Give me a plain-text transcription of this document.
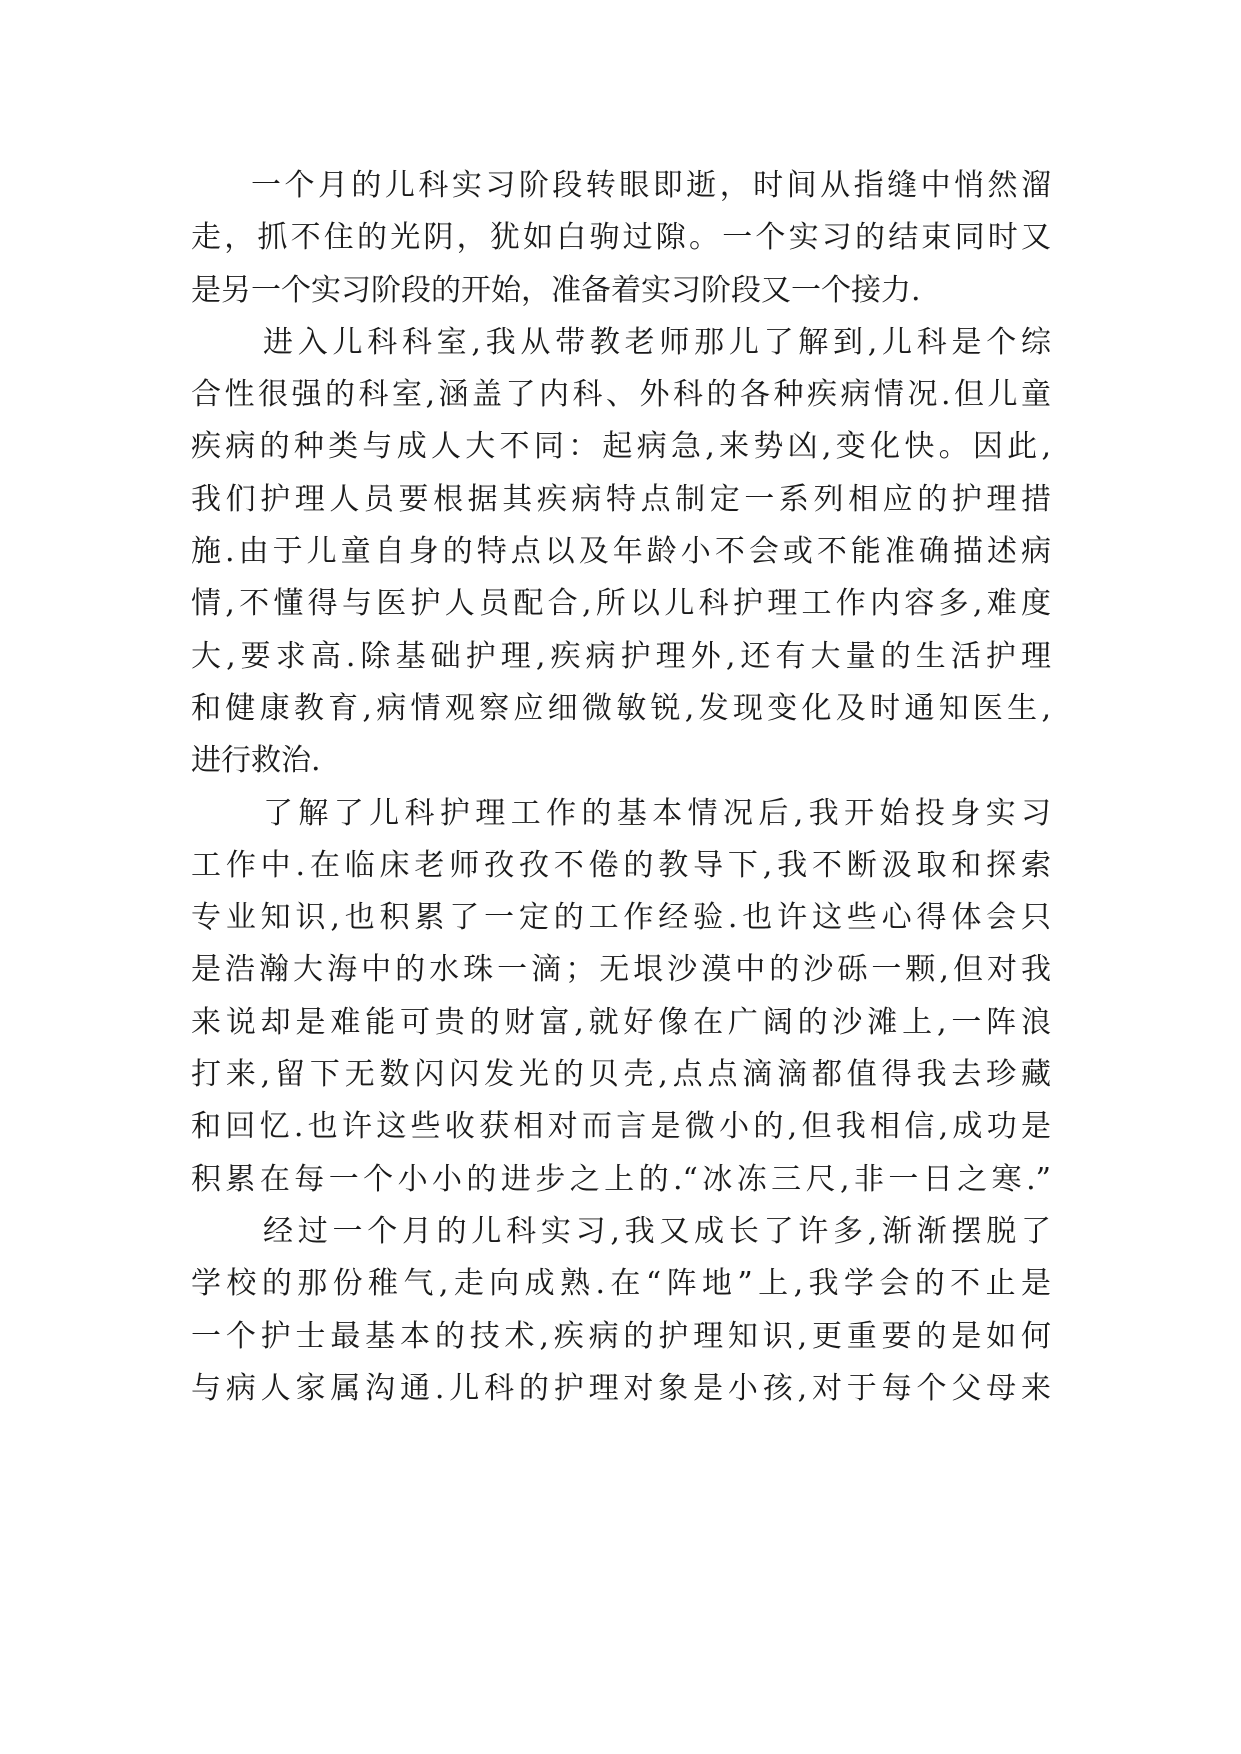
一个月的儿科实习阶段转眼即逝，时间从指缝中悄然溜
走，抓不住的光阴，犹如白驹过隙。一个实习的结束同时又
是另一个实习阶段的开始，准备着实习阶段又一个接力.
进入儿科科室,我从带教老师那儿了解到,儿科是个综
合性很强的科室,涵盖了内科、外科的各种疾病情况.但儿童
疾病的种类与成人大不同：起病急,来势凶,变化快。因此,
我们护理人员要根据其疾病特点制定一系列相应的护理措
施.由于儿童自身的特点以及年龄小不会或不能准确描述病
情,不懂得与医护人员配合,所以儿科护理工作内容多,难度
大,要求高.除基础护理,疾病护理外,还有大量的生活护理
和健康教育,病情观察应细微敏锐,发现变化及时通知医生,
进行救治.
了解了儿科护理工作的基本情况后,我开始投身实习
工作中.在临床老师孜孜不倦的教导下,我不断汲取和探索
专业知识,也积累了一定的工作经验.也许这些心得体会只
是浩瀚大海中的水珠一滴；无垠沙漠中的沙砾一颗,但对我
来说却是难能可贵的财富,就好像在广阔的沙滩上,一阵浪
打来,留下无数闪闪发光的贝壳,点点滴滴都值得我去珍藏
和回忆.也许这些收获相对而言是微小的,但我相信,成功是
积累在每一个小小的进步之上的.“冰冻三尺,非一日之寒.”
经过一个月的儿科实习,我又成长了许多,渐渐摆脱了
学校的那份稚气,走向成熟.在“阵地”上,我学会的不止是
一个护士最基本的技术,疾病的护理知识,更重要的是如何
与病人家属沟通.儿科的护理对象是小孩,对于每个父母来
